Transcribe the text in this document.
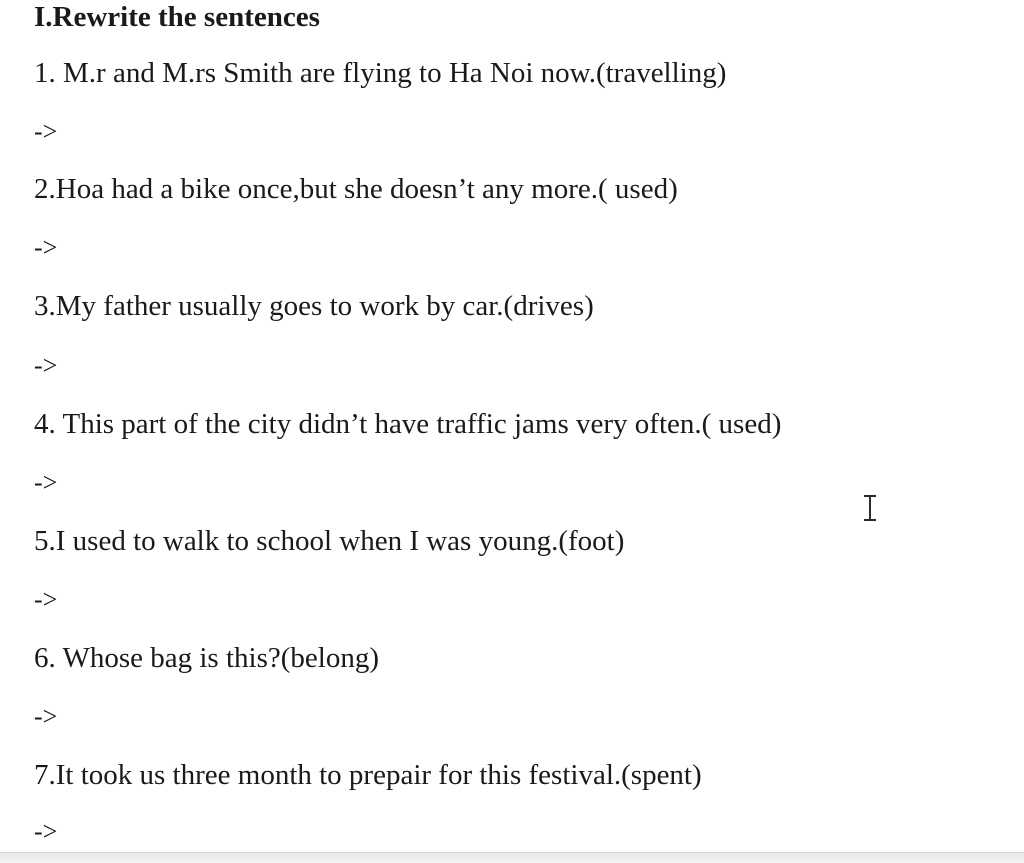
I.Rewrite the sentences
1. M.r and M.rs Smith are flying to Ha Noi now.(travelling)
->
2.Hoa had a bike once,but she doesn’t any more.( used)
->
3.My father usually goes to work by car.(drives)
->
4. This part of the city didn’t have traffic jams very often.( used)
->
5.I used to walk to school when I was young.(foot)
->
6. Whose bag is this?(belong)
->
7.It took us three month to prepair for this festival.(spent)
->
